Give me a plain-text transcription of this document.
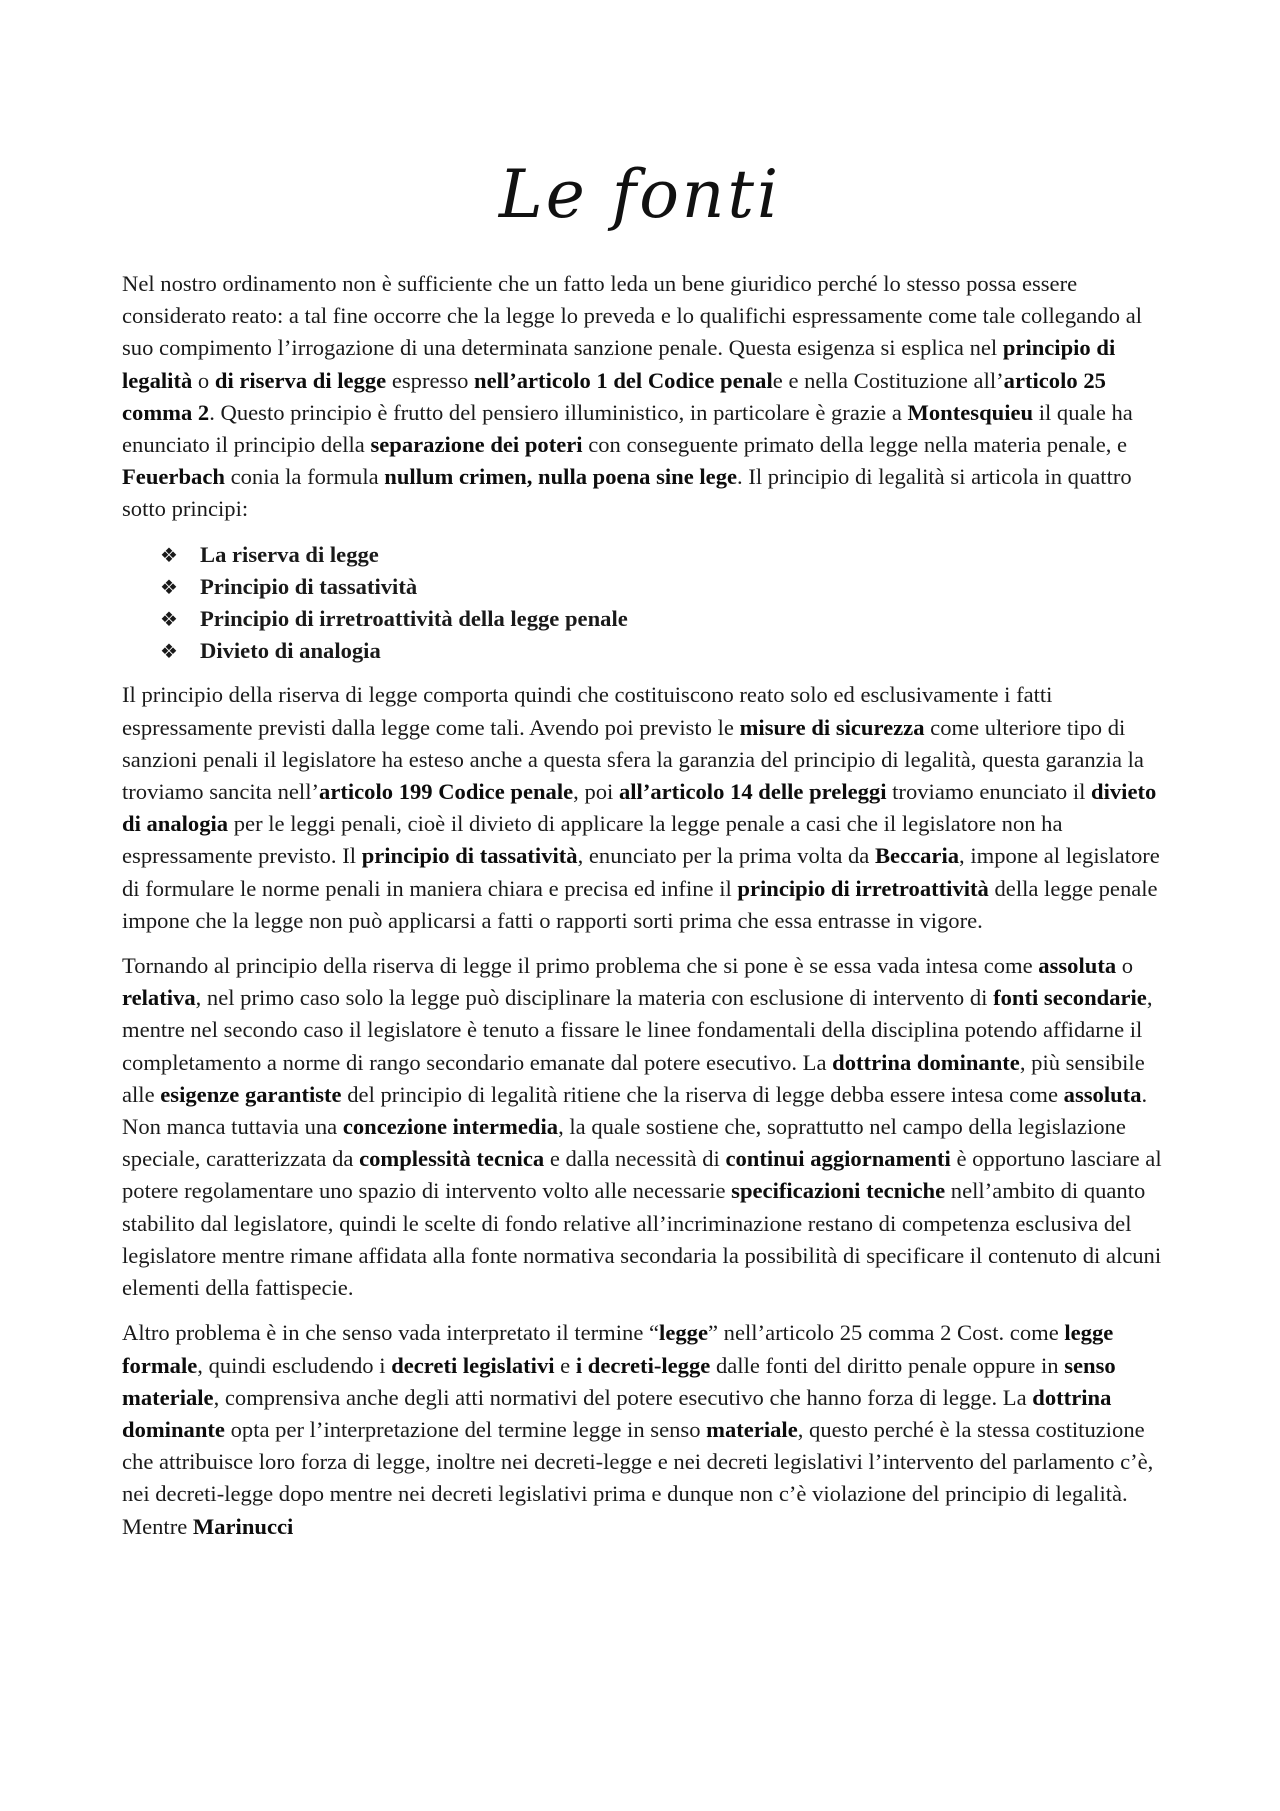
Le fonti

Nel nostro ordinamento non è sufficiente che un fatto leda un bene giuridico perché lo stesso possa essere considerato reato: a tal fine occorre che la legge lo preveda e lo qualifichi espressamente come tale collegando al suo compimento l’irrogazione di una determinata sanzione penale. Questa esigenza si esplica nel principio di legalità o di riserva di legge espresso nell’articolo 1 del Codice penale e nella Costituzione all’articolo 25 comma 2. Questo principio è frutto del pensiero illuministico, in particolare è grazie a Montesquieu il quale ha enunciato il principio della separazione dei poteri con conseguente primato della legge nella materia penale, e Feuerbach conia la formula nullum crimen, nulla poena sine lege. Il principio di legalità si articola in quattro sotto principi:

❖ La riserva di legge
❖ Principio di tassatività
❖ Principio di irretroattività della legge penale
❖ Divieto di analogia

Il principio della riserva di legge comporta quindi che costituiscono reato solo ed esclusivamente i fatti espressamente previsti dalla legge come tali. Avendo poi previsto le misure di sicurezza come ulteriore tipo di sanzioni penali il legislatore ha esteso anche a questa sfera la garanzia del principio di legalità, questa garanzia la troviamo sancita nell’articolo 199 Codice penale, poi all’articolo 14 delle preleggi troviamo enunciato il divieto di analogia per le leggi penali, cioè il divieto di applicare la legge penale a casi che il legislatore non ha espressamente previsto. Il principio di tassatività, enunciato per la prima volta da Beccaria, impone al legislatore di formulare le norme penali in maniera chiara e precisa ed infine il principio di irretroattività della legge penale impone che la legge non può applicarsi a fatti o rapporti sorti prima che essa entrasse in vigore.

Tornando al principio della riserva di legge il primo problema che si pone è se essa vada intesa come assoluta o relativa, nel primo caso solo la legge può disciplinare la materia con esclusione di intervento di fonti secondarie, mentre nel secondo caso il legislatore è tenuto a fissare le linee fondamentali della disciplina potendo affidarne il completamento a norme di rango secondario emanate dal potere esecutivo. La dottrina dominante, più sensibile alle esigenze garantiste del principio di legalità ritiene che la riserva di legge debba essere intesa come assoluta. Non manca tuttavia una concezione intermedia, la quale sostiene che, soprattutto nel campo della legislazione speciale, caratterizzata da complessità tecnica e dalla necessità di continui aggiornamenti è opportuno lasciare al potere regolamentare uno spazio di intervento volto alle necessarie specificazioni tecniche nell’ambito di quanto stabilito dal legislatore, quindi le scelte di fondo relative all’incriminazione restano di competenza esclusiva del legislatore mentre rimane affidata alla fonte normativa secondaria la possibilità di specificare il contenuto di alcuni elementi della fattispecie.

Altro problema è in che senso vada interpretato il termine “legge” nell’articolo 25 comma 2 Cost. come legge formale, quindi escludendo i decreti legislativi e i decreti-legge dalle fonti del diritto penale oppure in senso materiale, comprensiva anche degli atti normativi del potere esecutivo che hanno forza di legge. La dottrina dominante opta per l’interpretazione del termine legge in senso materiale, questo perché è la stessa costituzione che attribuisce loro forza di legge, inoltre nei decreti-legge e nei decreti legislativi l’intervento del parlamento c’è, nei decreti-legge dopo mentre nei decreti legislativi prima e dunque non c’è violazione del principio di legalità. Mentre Marinucci
